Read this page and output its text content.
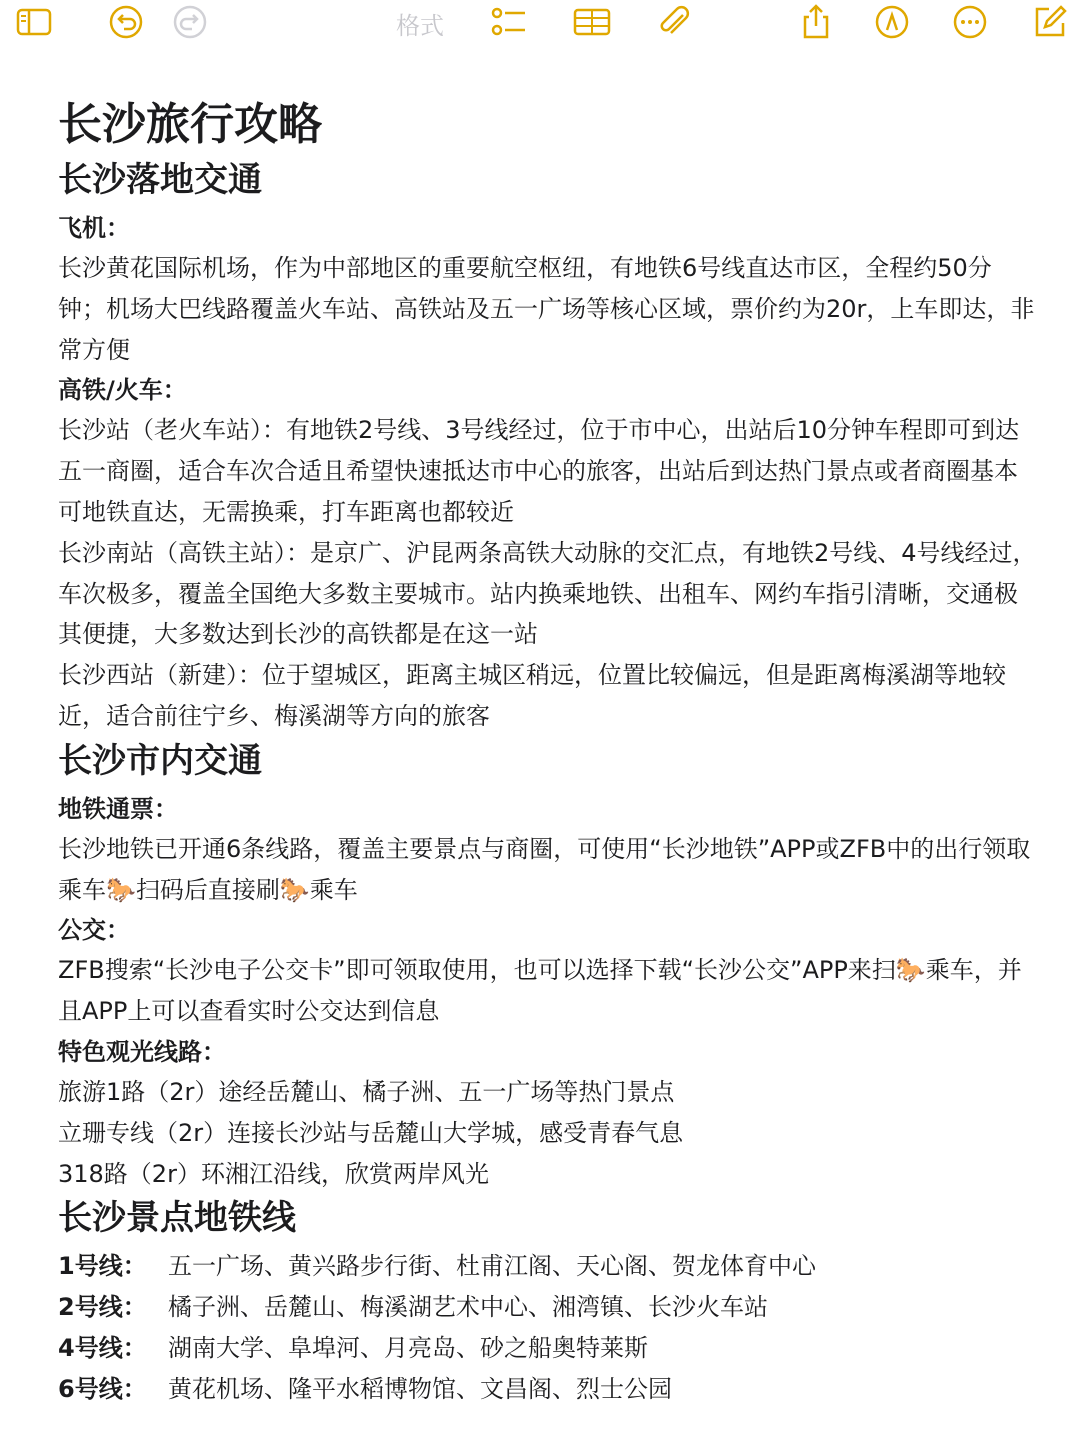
格式
长沙旅行攻略
长沙落地交通
飞机：
长沙黄花国际机场，作为中部地区的重要航空枢纽，有地铁6号线直达市区，全程约50分钟；机场大巴线路覆盖火车站、高铁站及五一广场等核心区域，票价约为20r，上车即达，非常方便
高铁/火车：
长沙站（老火车站）：有地铁2号线、3号线经过，位于市中心，出站后10分钟车程即可到达五一商圈，适合车次合适且希望快速抵达市中心的旅客，出站后到达热门景点或者商圈基本可地铁直达，无需换乘，打车距离也都较近
长沙南站（高铁主站）：是京广、沪昆两条高铁大动脉的交汇点，有地铁2号线、4号线经过，车次极多，覆盖全国绝大多数主要城市。站内换乘地铁、出租车、网约车指引清晰，交通极其便捷，大多数达到长沙的高铁都是在这一站
长沙西站（新建）：位于望城区，距离主城区稍远，位置比较偏远，但是距离梅溪湖等地较近，适合前往宁乡、梅溪湖等方向的旅客
长沙市内交通
地铁通票：
长沙地铁已开通6条线路，覆盖主要景点与商圈，可使用“长沙地铁”APP或ZFB中的出行领取乘车🐎扫码后直接刷🐎乘车
公交：
ZFB搜索“长沙电子公交卡”即可领取使用，也可以选择下载“长沙公交”APP来扫🐎乘车，并且APP上可以查看实时公交达到信息
特色观光线路：
旅游1路（2r）途经岳麓山、橘子洲、五一广场等热门景点
立珊专线（2r）连接长沙站与岳麓山大学城，感受青春气息
318路（2r）环湘江沿线，欣赏两岸风光
长沙景点地铁线
1号线： 五一广场、黄兴路步行街、杜甫江阁、天心阁、贺龙体育中心
2号线： 橘子洲、岳麓山、梅溪湖艺术中心、湘湾镇、长沙火车站
4号线： 湖南大学、阜埠河、月亮岛、砂之船奥特莱斯
6号线： 黄花机场、隆平水稻博物馆、文昌阁、烈士公园
